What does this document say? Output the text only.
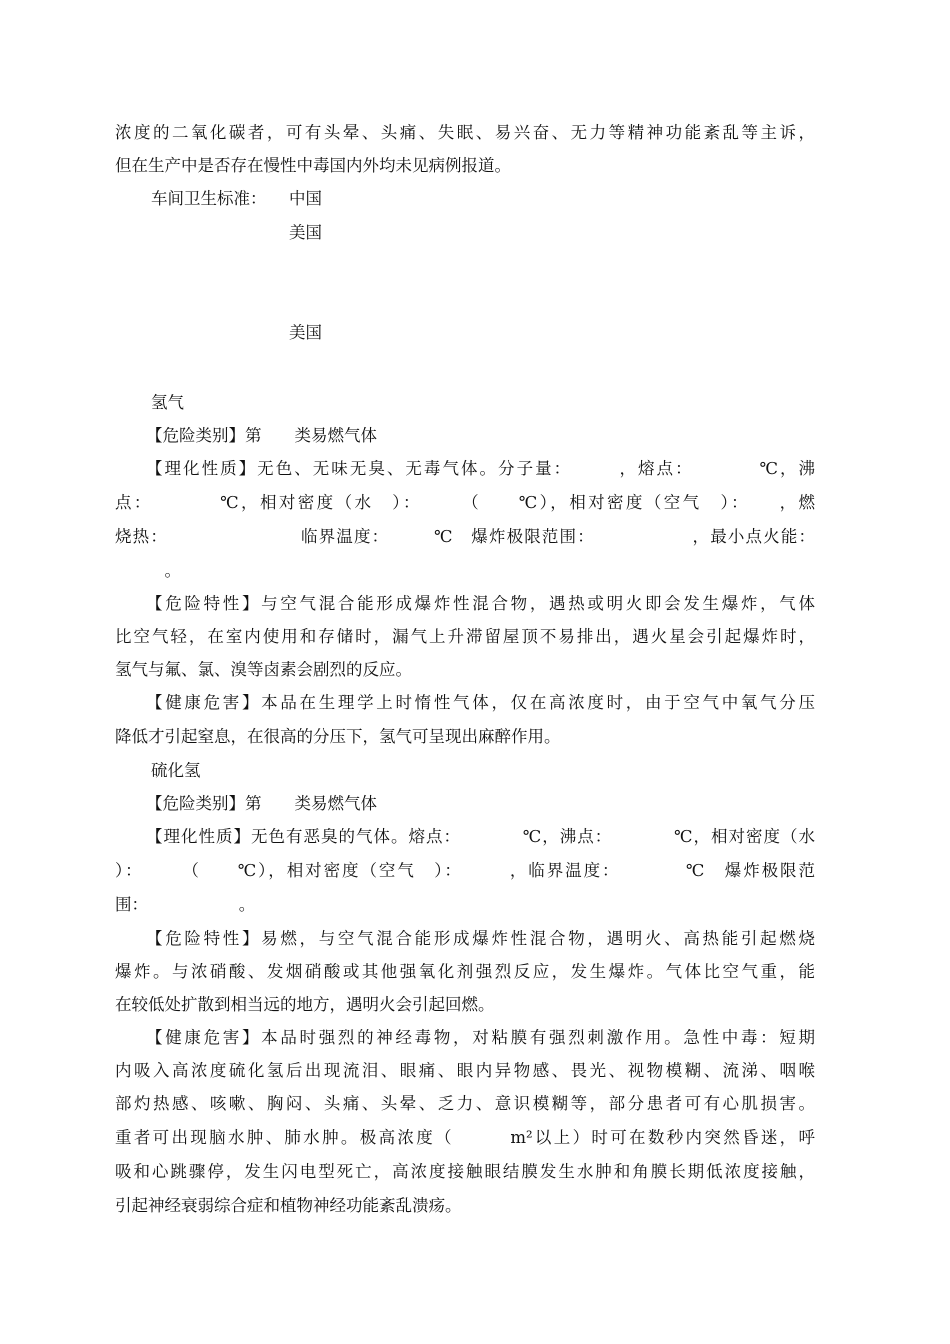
浓度的二氧化碳者，可有头晕、头痛、失眠、易兴奋、无力等精神功能紊乱等主诉，
但在生产中是否存在慢性中毒国内外均未见病例报道。
车间卫生标准： 中国
美国
美国
氢气
【危险类别】第　　类易燃气体
【理化性质】无色、无味无臭、无毒气体。分子量：　　　，熔点：　　　　℃，沸
点：　　　　℃，相对密度（水　）：　　　（　　℃），相对密度（空气　）：　　，燃
烧热：　　　　　　　　临界温度：　　　℃　爆炸极限范围：　　　　　　，最小点火能：
　　　。
【危险特性】与空气混合能形成爆炸性混合物，遇热或明火即会发生爆炸，气体
比空气轻，在室内使用和存储时，漏气上升滞留屋顶不易排出，遇火星会引起爆炸时，
氢气与氟、氯、溴等卤素会剧烈的反应。
【健康危害】本品在生理学上时惰性气体，仅在高浓度时，由于空气中氧气分压
降低才引起窒息，在很高的分压下，氢气可呈现出麻醉作用。
硫化氢
【危险类别】第　　类易燃气体
【理化性质】无色有恶臭的气体。熔点：　　　　℃，沸点：　　　　℃，相对密度（水
）：　　　（　　℃），相对密度（空气　）：　　　，临界温度：　　　　℃　爆炸极限范
围：　　　　　　。
【危险特性】易燃，与空气混合能形成爆炸性混合物，遇明火、高热能引起燃烧
爆炸。与浓硝酸、发烟硝酸或其他强氧化剂强烈反应，发生爆炸。气体比空气重，能
在较低处扩散到相当远的地方，遇明火会引起回燃。
【健康危害】本品时强烈的神经毒物，对粘膜有强烈刺激作用。急性中毒：短期
内吸入高浓度硫化氢后出现流泪、眼痛、眼内异物感、畏光、视物模糊、流涕、咽喉
部灼热感、咳嗽、胸闷、头痛、头晕、乏力、意识模糊等，部分患者可有心肌损害。
重者可出现脑水肿、肺水肿。极高浓度（　　　m²以上）时可在数秒内突然昏迷，呼
吸和心跳骤停，发生闪电型死亡，高浓度接触眼结膜发生水肿和角膜长期低浓度接触，
引起神经衰弱综合症和植物神经功能紊乱溃疡。
